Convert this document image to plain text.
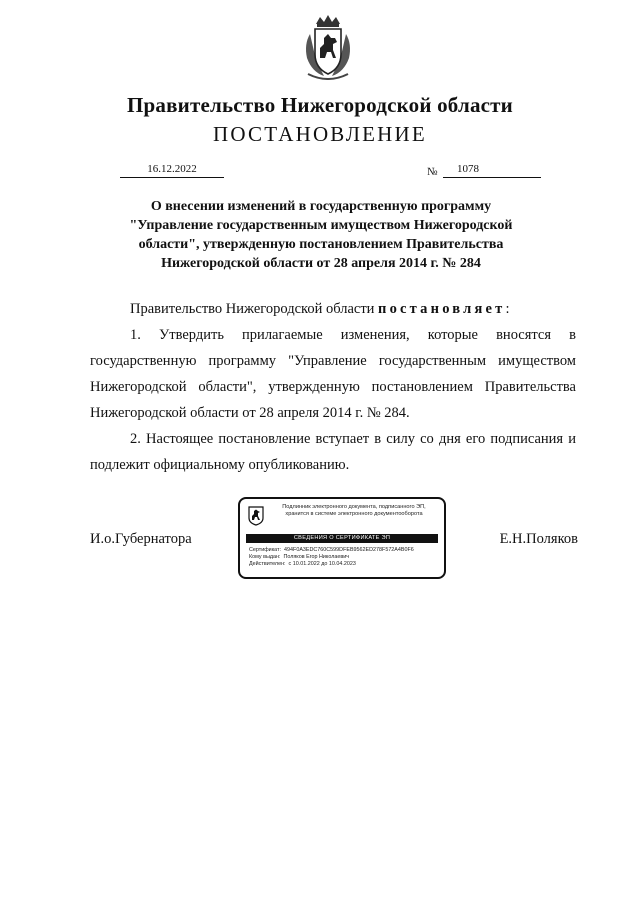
Правительство Нижегородской области
ПОСТАНОВЛЕНИЕ
16.12.2022	№	1078
О внесении изменений в государственную программу
"Управление государственным имуществом Нижегородской
области", утвержденную постановлением Правительства
Нижегородской области от 28 апреля 2014 г. № 284

Правительство Нижегородской области постановляет:

1. Утвердить прилагаемые изменения, которые вносятся в государственную программу "Управление государственным имуществом Нижегородской области", утвержденную постановлением Правительства Нижегородской области от 28 апреля 2014 г. № 284.

2. Настоящее постановление вступает в силу со дня его подписания и подлежит официальному опубликованию.

И.о.Губернатора	Е.Н.Поляков
Подлинник электронного документа, подписанного ЭП,
хранится в системе электронного документооборота
СВЕДЕНИЯ О СЕРТИФИКАТЕ ЭП
Сертификат: 494F0A3EDC760C599DFEB9562ED278F572A4B0F6
Кому выдан: Поляков Егор Николаевич
Действителен: с 10.01.2022 до 10.04.2023
